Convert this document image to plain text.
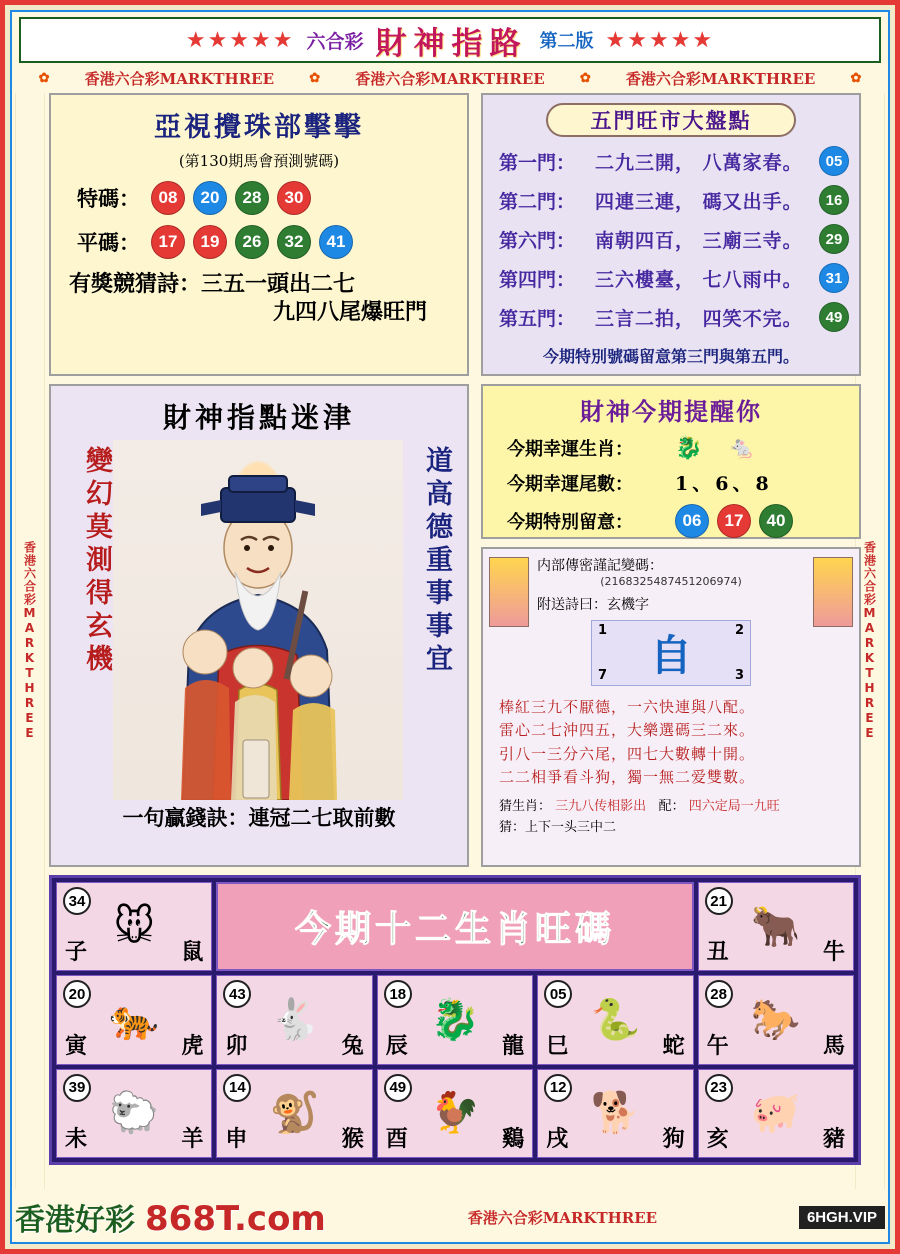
★★★★★ 六合彩 財神指路 第二版 ★★★★★
✿ 香港六合彩MARKTHREE	✿ 香港六合彩MARKTHREE	✿ 香港六合彩MARKTHREE	✿
香港六合彩MARKTHREE	香港六合彩MARKTHREE
亞視攪珠部擊擊
(第130期馬會預測號碼)
特碼：	08	20	28	30
平碼：	17	19	26	32	41
有獎競猜詩：三五一頭出二七
九四八尾爆旺門
財神指點迷津
變幻莫測得玄機	道高德重事事宜
一句贏錢訣：連冠二七取前數
五門旺市大盤點
第一門：	二九三開， 八萬家春。	05
第二門：	四連三連， 碼又出手。	16
第六門：	南朝四百， 三廟三寺。	29
第四門：	三六樓臺， 七八雨中。	31
第五門：	三言二拍， 四笑不完。	49
今期特別號碼留意第三門與第五門。
財神今期提醒你
今期幸運生肖：	🐉 🐁
今期幸運尾數：	1、6、8
今期特別留意：	06	17	40
内部傳密謹記變碼：
(2168325487451206974)
附送詩曰：玄機字
1	2
7	3
自
棒紅三九不厭德，一六快連與八配。
雷心二七沖四五，大樂選碼三二來。
引八一三分六尾，四七大數轉十開。
二二相爭看斗狗，獨一無二爱雙數。
猜生肖： 三九八传相影出 配： 四六定局一九旺
猜：上下一头三中二
34
🐭
子	鼠
今期十二生肖旺碼
21
🐂
丑	牛
20
🐅
寅	虎
43
🐇
卯	兔
18
🐉
辰	龍
05
🐍
巳	蛇
28
🐎
午	馬
39
🐑
未	羊
14
🐒
申	猴
49
🐓
酉	鷄
12
🐕
戌	狗
23
🐖
亥	豬
香港好彩 868T.com	香港六合彩MARKTHREE	6HGH.VIP
